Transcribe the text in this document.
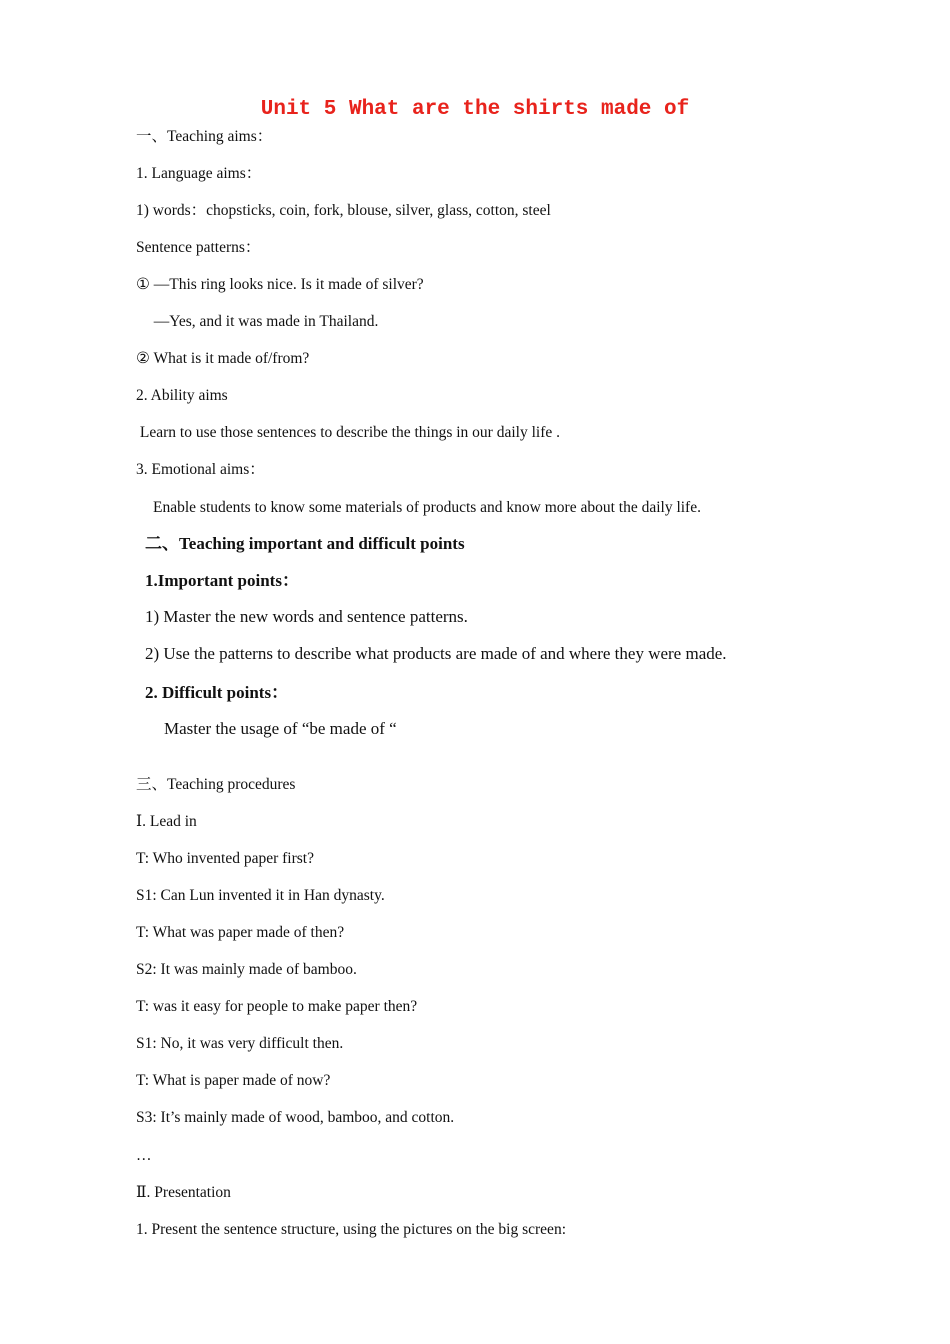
Unit 5 What are the shirts made of
一、Teaching aims：
1. Language aims：
1) words：chopsticks, coin, fork, blouse, silver, glass, cotton, steel
Sentence patterns：
① —This ring looks nice. Is it made of silver?
—Yes, and it was made in Thailand.
② What is it made of/from?
2. Ability aims
Learn to use those sentences to describe the things in our daily life .
3. Emotional aims：
Enable students to know some materials of products and know more about the daily life.
二、Teaching important and difficult points
1.Important points：
1) Master the new words and sentence patterns.
2) Use the patterns to describe what products are made of and where they were made.
2. Difficult points：
Master the usage of “be made of “
三、Teaching procedures
Ⅰ. Lead in
T: Who invented paper first?
S1: Can Lun invented it in Han dynasty.
T: What was paper made of then?
S2: It was mainly made of bamboo.
T: was it easy for people to make paper then?
S1: No, it was very difficult then.
T: What is paper made of now?
S3: It’s mainly made of wood, bamboo, and cotton.
…
Ⅱ. Presentation
1. Present the sentence structure, using the pictures on the big screen:
